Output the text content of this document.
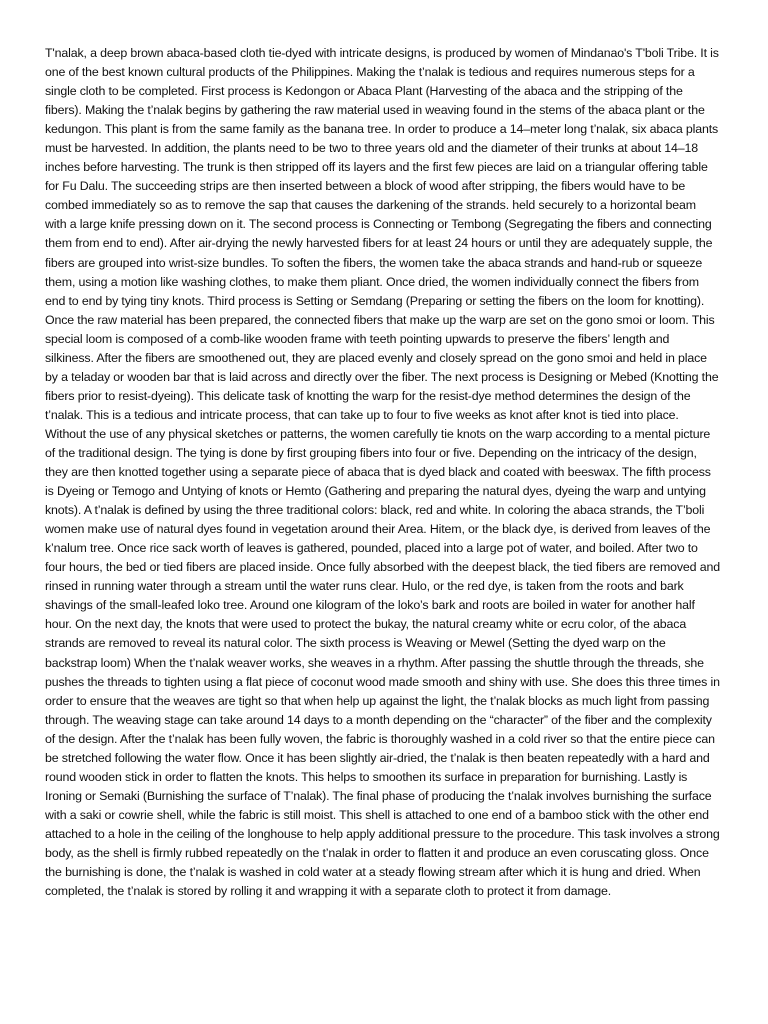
T'nalak, a deep brown abaca-based cloth tie-dyed with intricate designs, is produced by women of Mindanao's T'boli Tribe. It is one of the best known cultural products of the Philippines. Making the t’nalak is tedious and requires numerous steps for a single cloth to be completed. First process is Kedongon or Abaca Plant (Harvesting of the abaca and the stripping of the fibers). Making the t’nalak begins by gathering the raw material used in weaving found in the stems of the abaca plant or the kedungon. This plant is from the same family as the banana tree. In order to produce a 14–meter long t’nalak, six abaca plants must be harvested. In addition, the plants need to be two to three years old and the diameter of their trunks at about 14–18 inches before harvesting. The trunk is then stripped off its layers and the first few pieces are laid on a triangular offering table for Fu Dalu. The succeeding strips are then inserted between a block of wood after stripping, the fibers would have to be combed immediately so as to remove the sap that causes the darkening of the strands. held securely to a horizontal beam with a large knife pressing down on it. The second process is Connecting or Tembong (Segregating the fibers and connecting them from end to end). After air-drying the newly harvested fibers for at least 24 hours or until they are adequately supple, the fibers are grouped into wrist-size bundles. To soften the fibers, the women take the abaca strands and hand-rub or squeeze them, using a motion like washing clothes, to make them pliant. Once dried, the women individually connect the fibers from end to end by tying tiny knots. Third process is Setting or Semdang (Preparing or setting the fibers on the loom for knotting). Once the raw material has been prepared, the connected fibers that make up the warp are set on the gono smoi or loom. This special loom is composed of a comb-like wooden frame with teeth pointing upwards to preserve the fibers’ length and silkiness. After the fibers are smoothened out, they are placed evenly and closely spread on the gono smoi and held in place by a teladay or wooden bar that is laid across and directly over the fiber. The next process is Designing or Mebed (Knotting the fibers prior to resist-dyeing). This delicate task of knotting the warp for the resist-dye method determines the design of the t’nalak. This is a tedious and intricate process, that can take up to four to five weeks as knot after knot is tied into place. Without the use of any physical sketches or patterns, the women carefully tie knots on the warp according to a mental picture of the traditional design. The tying is done by first grouping fibers into four or five. Depending on the intricacy of the design, they are then knotted together using a separate piece of abaca that is dyed black and coated with beeswax. The fifth process is Dyeing or Temogo and Untying of knots or Hemto (Gathering and preparing the natural dyes, dyeing the warp and untying knots). A t’nalak is defined by using the three traditional colors: black, red and white. In coloring the abaca strands, the T’boli women make use of natural dyes found in vegetation around their Area. Hitem, or the black dye, is derived from leaves of the k’nalum tree. Once rice sack worth of leaves is gathered, pounded, placed into a large pot of water, and boiled. After two to four hours, the bed or tied fibers are placed inside. Once fully absorbed with the deepest black, the tied fibers are removed and rinsed in running water through a stream until the water runs clear. Hulo, or the red dye, is taken from the roots and bark shavings of the small-leafed loko tree. Around one kilogram of the loko’s bark and roots are boiled in water for another half hour. On the next day, the knots that were used to protect the bukay, the natural creamy white or ecru color, of the abaca strands are removed to reveal its natural color. The sixth process is Weaving or Mewel (Setting the dyed warp on the backstrap loom) When the t’nalak weaver works, she weaves in a rhythm. After passing the shuttle through the threads, she pushes the threads to tighten using a flat piece of coconut wood made smooth and shiny with use. She does this three times in order to ensure that the weaves are tight so that when help up against the light, the t’nalak blocks as much light from passing through. The weaving stage can take around 14 days to a month depending on the “character” of the fiber and the complexity of the design. After the t’nalak has been fully woven, the fabric is thoroughly washed in a cold river so that the entire piece can be stretched following the water flow. Once it has been slightly air-dried, the t’nalak is then beaten repeatedly with a hard and round wooden stick in order to flatten the knots. This helps to smoothen its surface in preparation for burnishing. Lastly is Ironing or Semaki (Burnishing the surface of T’nalak). The final phase of producing the t’nalak involves burnishing the surface with a saki or cowrie shell, while the fabric is still moist. This shell is attached to one end of a bamboo stick with the other end attached to a hole in the ceiling of the longhouse to help apply additional pressure to the procedure. This task involves a strong body, as the shell is firmly rubbed repeatedly on the t’nalak in order to flatten it and produce an even coruscating gloss. Once the burnishing is done, the t’nalak is washed in cold water at a steady flowing stream after which it is hung and dried. When completed, the t’nalak is stored by rolling it and wrapping it with a separate cloth to protect it from damage.
